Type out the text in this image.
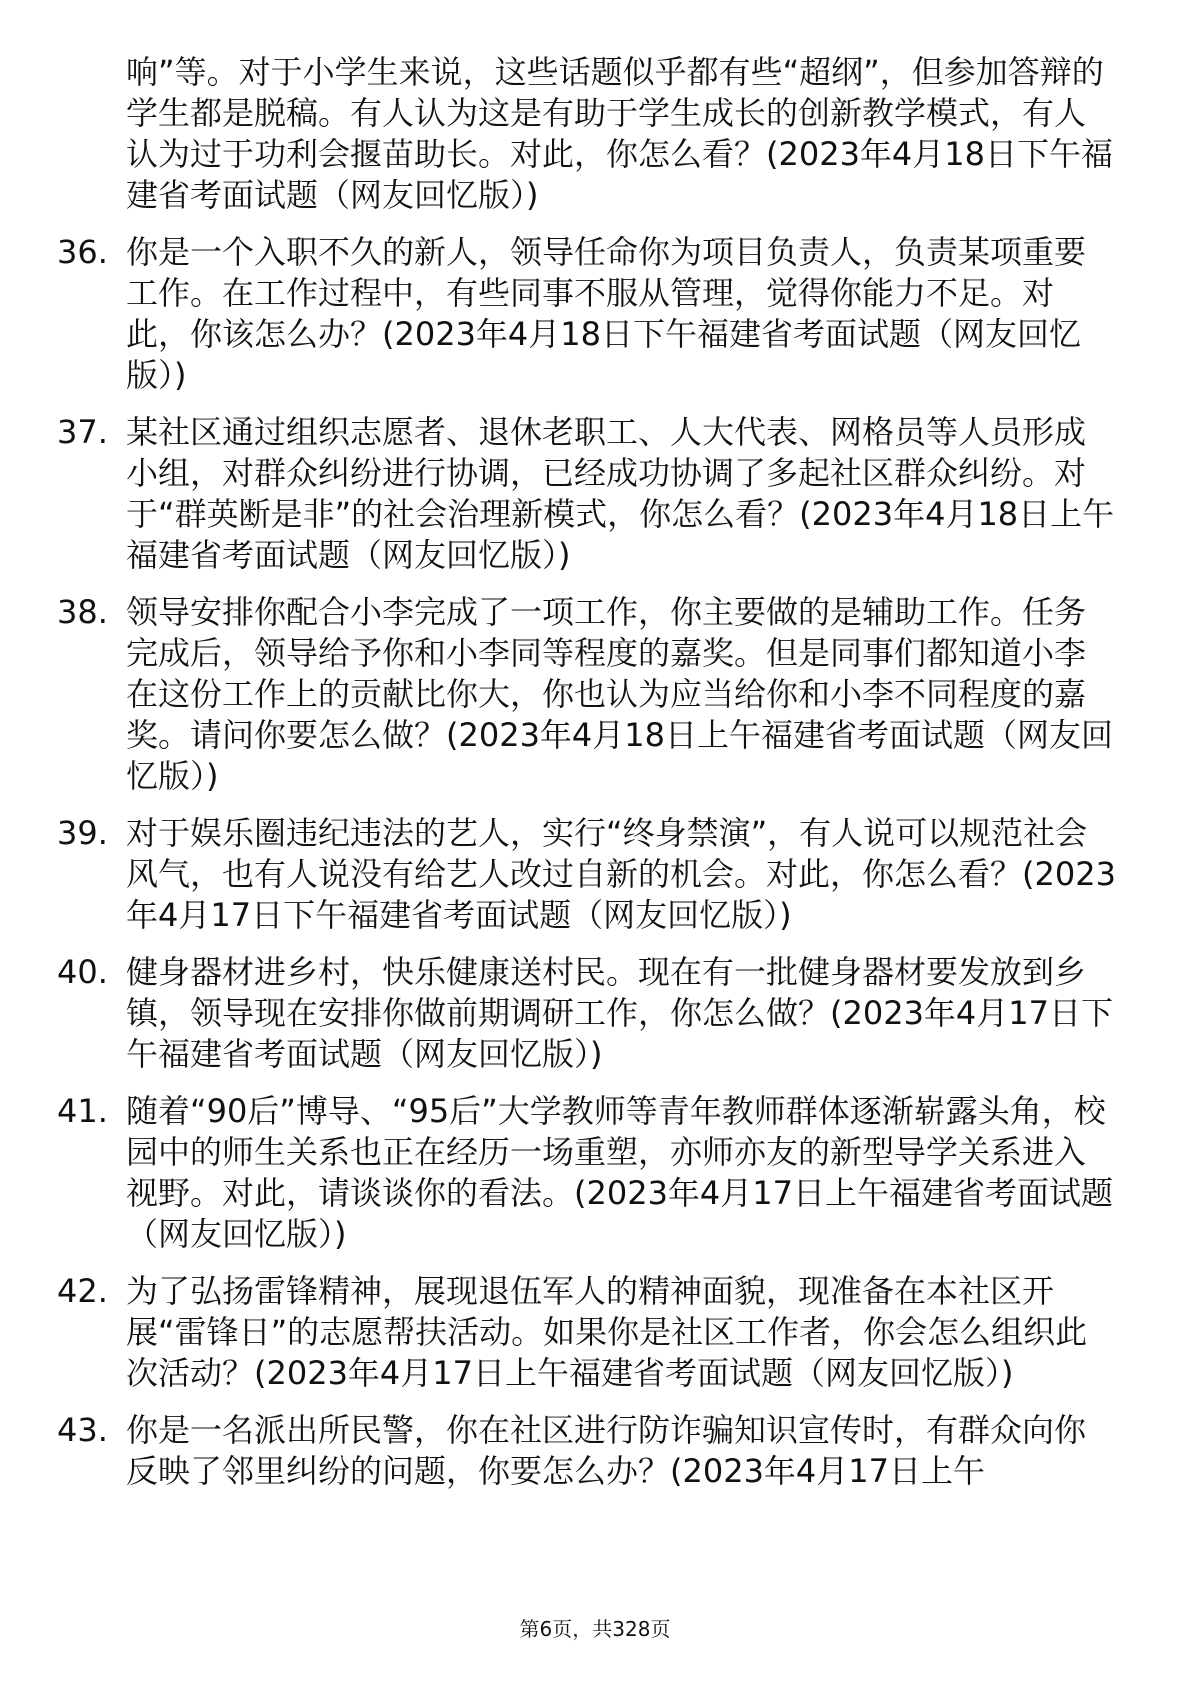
响”等。对于小学生来说，这些话题似乎都有些“超纲”，但参加答辩的学生都是脱稿。有人认为这是有助于学生成长的创新教学模式，有人认为过于功利会揠苗助长。对此，你怎么看？(2023年4月18日下午福建省考面试题（网友回忆版）)

36. 你是一个入职不久的新人，领导任命你为项目负责人，负责某项重要工作。在工作过程中，有些同事不服从管理，觉得你能力不足。对此，你该怎么办？(2023年4月18日下午福建省考面试题（网友回忆版）)
37. 某社区通过组织志愿者、退休老职工、人大代表、网格员等人员形成小组，对群众纠纷进行协调，已经成功协调了多起社区群众纠纷。对于“群英断是非”的社会治理新模式，你怎么看？(2023年4月18日上午福建省考面试题（网友回忆版）)
38. 领导安排你配合小李完成了一项工作，你主要做的是辅助工作。任务完成后，领导给予你和小李同等程度的嘉奖。但是同事们都知道小李在这份工作上的贡献比你大，你也认为应当给你和小李不同程度的嘉奖。请问你要怎么做？(2023年4月18日上午福建省考面试题（网友回忆版）)
39. 对于娱乐圈违纪违法的艺人，实行“终身禁演”，有人说可以规范社会风气，也有人说没有给艺人改过自新的机会。对此，你怎么看？(2023年4月17日下午福建省考面试题（网友回忆版）)
40. 健身器材进乡村，快乐健康送村民。现在有一批健身器材要发放到乡镇，领导现在安排你做前期调研工作，你怎么做？(2023年4月17日下午福建省考面试题（网友回忆版）)
41. 随着“90后”博导、“95后”大学教师等青年教师群体逐渐崭露头角，校园中的师生关系也正在经历一场重塑，亦师亦友的新型导学关系进入视野。对此，请谈谈你的看法。(2023年4月17日上午福建省考面试题（网友回忆版）)
42. 为了弘扬雷锋精神，展现退伍军人的精神面貌，现准备在本社区开展“雷锋日”的志愿帮扶活动。如果你是社区工作者，你会怎么组织此次活动？(2023年4月17日上午福建省考面试题（网友回忆版）)
43. 你是一名派出所民警，你在社区进行防诈骗知识宣传时，有群众向你反映了邻里纠纷的问题，你要怎么办？(2023年4月17日上午
第6页，共328页
